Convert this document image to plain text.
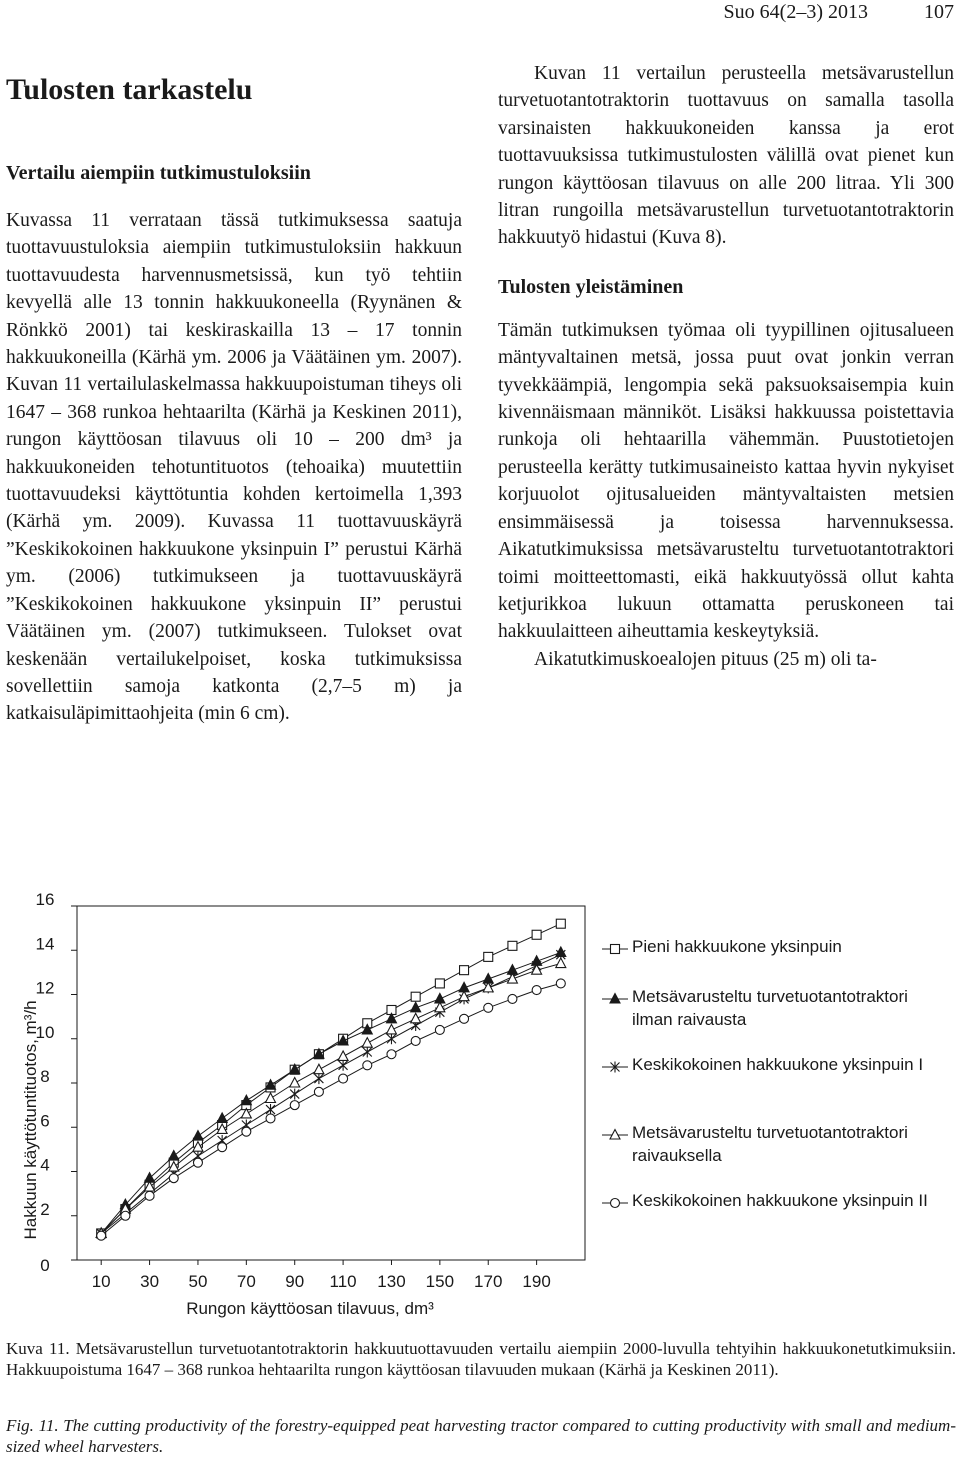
Suo 64(2–3) 2013	107
Tulosten tarkastelu
Vertailu aiempiin tutkimustuloksiin

Kuvassa 11 verrataan tässä tutkimuksessa saatuja tuottavuustuloksia aiempiin tutkimustuloksiin hakkuun tuottavuudesta harvennusmetsissä, kun työ tehtiin kevyellä alle 13 tonnin hakkuukoneella (Ryynänen & Rönkkö 2001) tai keskiraskailla 13 – 17 tonnin hakkuukoneilla (Kärhä ym. 2006 ja Väätäinen ym. 2007). Kuvan 11 vertailulaskelmassa hakkuupoistuman tiheys oli 1647 – 368 runkoa hehtaarilta (Kärhä ja Keskinen 2011), rungon käyttöosan tilavuus oli 10 – 200 dm³ ja hakkuukoneiden tehotuntituotos (tehoaika) muutettiin tuottavuudeksi käyttötuntia kohden kertoimella 1,393 (Kärhä ym. 2009). Kuvassa 11 tuottavuuskäyrä ”Keskikokoinen hakkuukone yksinpuin I” perustui Kärhä ym. (2006) tutkimukseen ja tuottavuuskäyrä ”Keskikokoinen hakkuukone yksinpuin II” perustui Väätäinen ym. (2007) tutkimukseen. Tulokset ovat keskenään vertailukelpoiset, koska tutkimuksissa sovellettiin samoja katkonta (2,7–5 m) ja katkaisuläpimittaohjeita (min 6 cm).

Kuvan 11 vertailun perusteella metsävarustellun turvetuotantotraktorin tuottavuus on samalla tasolla varsinaisten hakkuukoneiden kanssa ja erot tuottavuuksissa tutkimustulosten välillä ovat pienet kun rungon käyttöosan tilavuus on alle 200 litraa. Yli 300 litran rungoilla metsävarustellun turvetuotantotraktorin hakkuutyö hidastui (Kuva 8).

Tulosten yleistäminen

Tämän tutkimuksen työmaa oli tyypillinen ojitusalueen mäntyvaltainen metsä, jossa puut ovat jonkin verran tyvekkäämpiä, lengompia sekä paksuoksaisempia kuin kivennäismaan männiköt. Lisäksi hakkuussa poistettavia runkoja oli hehtaarilla vähemmän. Puustotietojen perusteella kerätty tutkimusaineisto kattaa hyvin nykyiset korjuuolot ojitusalueiden mäntyvaltaisten metsien ensimmäisessä ja toisessa harvennuksessa. Aikatutkimuksissa metsävarusteltu turvetuotantotraktori toimi moitteettomasti, eikä hakkuutyössä ollut kahta ketjurikkoa lukuun ottamatta peruskoneen tai hakkuulaitteen aiheuttamia keskeytyksiä.

Aikatutkimuskoealojen pituus (25 m) oli ta-

0
2
4
6
8
10
12
14
16
10 30 50 70 90 110 130 150 170 190
Hakkuun käyttötuntituotos, m³/h
Rungon käyttöosan tilavuus, dm³
Pieni hakkuukone yksinpuin
Metsävarusteltu turvetuotantotraktori ilman raivausta
Keskikokoinen hakkuukone yksinpuin I
Metsävarusteltu turvetuotantotraktori raivauksella
Keskikokoinen hakkuukone yksinpuin II
Kuva 11. Metsävarustellun turvetuotantotraktorin hakkuutuottavuuden vertailu aiempiin 2000-luvulla tehtyihin hakkuukonetutkimuksiin. Hakkuupoistuma 1647 – 368 runkoa hehtaarilta rungon käyttöosan tilavuuden mukaan (Kärhä ja Keskinen 2011).
Fig. 11. The cutting productivity of the forestry-equipped peat harvesting tractor compared to cutting productivity with small and medium-sized wheel harvesters.
